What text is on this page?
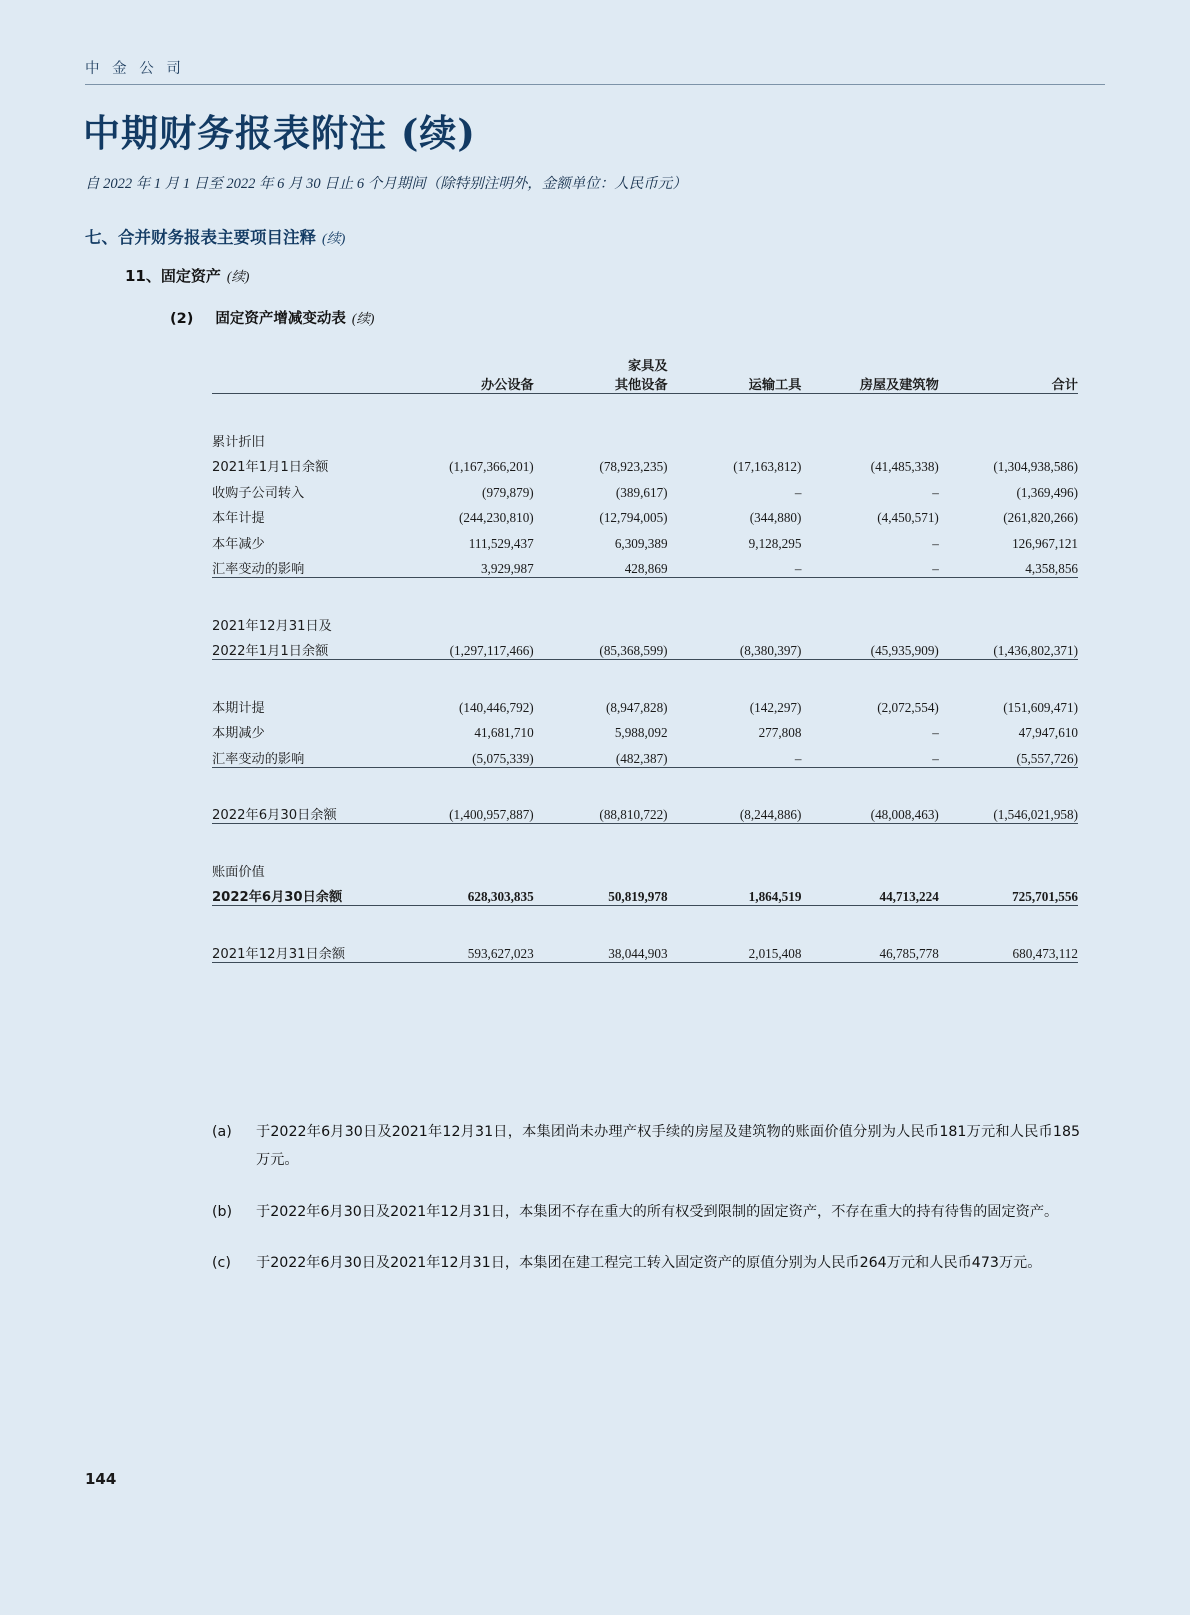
中 金 公 司
中期财务报表附注 (续)
自 2022 年 1 月 1 日至 2022 年 6 月 30 日止 6 个月期间（除特别注明外，金额单位：人民币元）
七、合并财务报表主要项目注释 (续)
11、固定资产 (续)
(2) 固定资产增减变动表 (续)
		家具及			
	办公设备	其他设备	运输工具	房屋及建筑物	合计

累计折旧					
2021年1月1日余额	(1,167,366,201)	(78,923,235)	(17,163,812)	(41,485,338)	(1,304,938,586)
收购子公司转入	(979,879)	(389,617)	–	–	(1,369,496)
本年计提	(244,230,810)	(12,794,005)	(344,880)	(4,450,571)	(261,820,266)
本年减少	111,529,437	6,309,389	9,128,295	–	126,967,121
汇率变动的影响	3,929,987	428,869	–	–	4,358,856

2021年12月31日及					
2022年1月1日余额	(1,297,117,466)	(85,368,599)	(8,380,397)	(45,935,909)	(1,436,802,371)

本期计提	(140,446,792)	(8,947,828)	(142,297)	(2,072,554)	(151,609,471)
本期减少	41,681,710	5,988,092	277,808	–	47,947,610
汇率变动的影响	(5,075,339)	(482,387)	–	–	(5,557,726)

2022年6月30日余额	(1,400,957,887)	(88,810,722)	(8,244,886)	(48,008,463)	(1,546,021,958)

账面价值					
2022年6月30日余额	628,303,835	50,819,978	1,864,519	44,713,224	725,701,556

2021年12月31日余额	593,627,023	38,044,903	2,015,408	46,785,778	680,473,112

(a)	于2022年6月30日及2021年12月31日，本集团尚未办理产权手续的房屋及建筑物的账面价值分别为人民币181万元和人民币185万元。
(b)	于2022年6月30日及2021年12月31日，本集团不存在重大的所有权受到限制的固定资产，不存在重大的持有待售的固定资产。
(c)	于2022年6月30日及2021年12月31日，本集团在建工程完工转入固定资产的原值分别为人民币264万元和人民币473万元。
144
